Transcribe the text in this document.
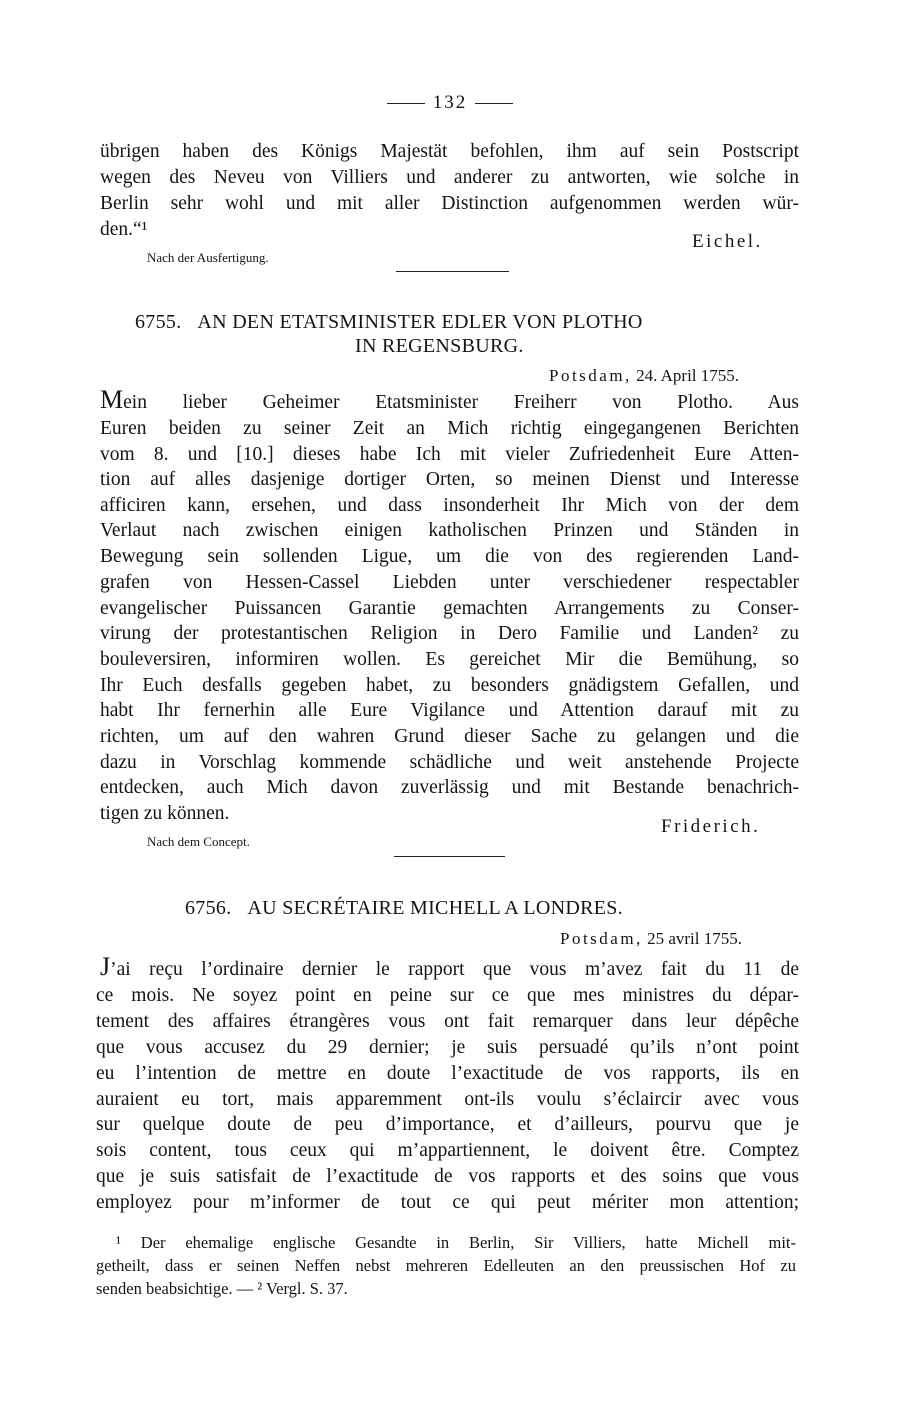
132
übrigen haben des Königs Majestät befohlen, ihm auf sein Postscript
wegen des Neveu von Villiers und anderer zu antworten, wie solche in
Berlin sehr wohl und mit aller Distinction aufgenommen werden wür-
den.“¹
Eichel.
Nach der Ausfertigung.
6755. AN DEN ETATSMINISTER EDLER VON PLOTHO
IN REGENSBURG.
Potsdam, 24. April 1755.
Mein lieber Geheimer Etatsminister Freiherr von Plotho. Aus
Euren beiden zu seiner Zeit an Mich richtig eingegangenen Berichten
vom 8. und [10.] dieses habe Ich mit vieler Zufriedenheit Eure Atten-
tion auf alles dasjenige dortiger Orten, so meinen Dienst und Interesse
afficiren kann, ersehen, und dass insonderheit Ihr Mich von der dem
Verlaut nach zwischen einigen katholischen Prinzen und Ständen in
Bewegung sein sollenden Ligue, um die von des regierenden Land-
grafen von Hessen-Cassel Liebden unter verschiedener respectabler
evangelischer Puissancen Garantie gemachten Arrangements zu Conser-
virung der protestantischen Religion in Dero Familie und Landen² zu
bouleversiren, informiren wollen. Es gereichet Mir die Bemühung, so
Ihr Euch desfalls gegeben habet, zu besonders gnädigstem Gefallen, und
habt Ihr fernerhin alle Eure Vigilance und Attention darauf mit zu
richten, um auf den wahren Grund dieser Sache zu gelangen und die
dazu in Vorschlag kommende schädliche und weit anstehende Projecte
entdecken, auch Mich davon zuverlässig und mit Bestande benachrich-
tigen zu können.
Friderich.
Nach dem Concept.
6756. AU SECRÉTAIRE MICHELL A LONDRES.
Potsdam, 25 avril 1755.
J’ai reçu l’ordinaire dernier le rapport que vous m’avez fait du 11 de
ce mois. Ne soyez point en peine sur ce que mes ministres du dépar-
tement des affaires étrangères vous ont fait remarquer dans leur dépêche
que vous accusez du 29 dernier; je suis persuadé qu’ils n’ont point
eu l’intention de mettre en doute l’exactitude de vos rapports, ils en
auraient eu tort, mais apparemment ont-ils voulu s’éclaircir avec vous
sur quelque doute de peu d’importance, et d’ailleurs, pourvu que je
sois content, tous ceux qui m’appartiennent, le doivent être. Comptez
que je suis satisfait de l’exactitude de vos rapports et des soins que vous
employez pour m’informer de tout ce qui peut mériter mon attention;
¹ Der ehemalige englische Gesandte in Berlin, Sir Villiers, hatte Michell mit-
getheilt, dass er seinen Neffen nebst mehreren Edelleuten an den preussischen Hof zu
senden beabsichtige. — ² Vergl. S. 37.
